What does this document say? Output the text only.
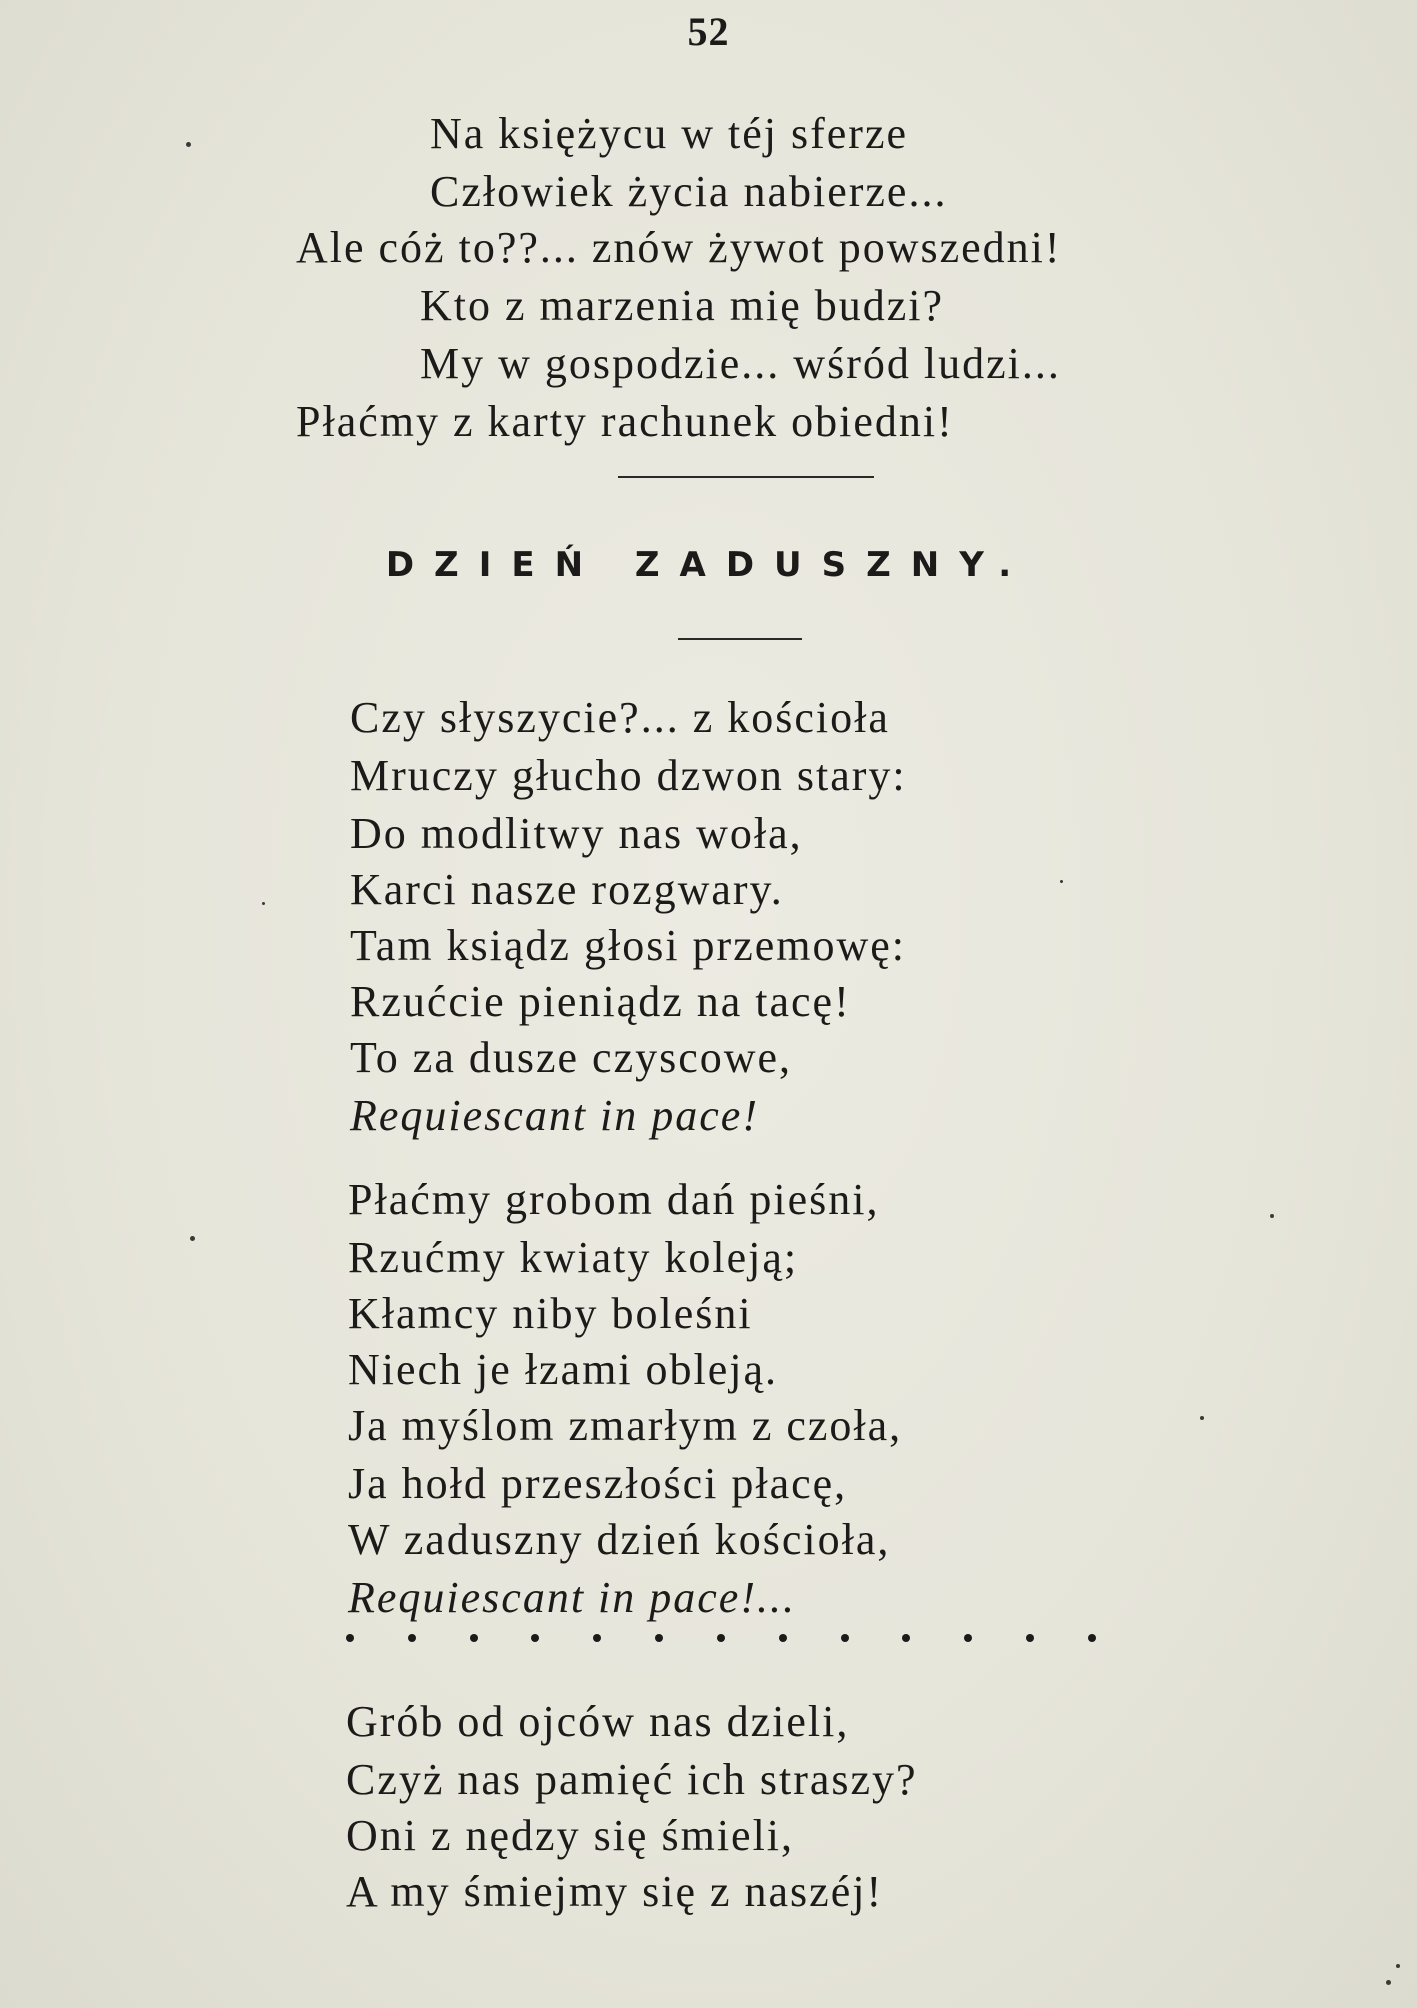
52
Na księżycu w téj sferze
Człowiek życia nabierze...
Ale cóż to??... znów żywot powszedni!
Kto z marzenia mię budzi?
My w gospodzie... wśród ludzi...
Płaćmy z karty rachunek obiedni!
DZIEŃ ZADUSZNY.
Czy słyszycie?... z kościoła
Mruczy głucho dzwon stary:
Do modlitwy nas woła,
Karci nasze rozgwary.
Tam ksiądz głosi przemowę:
Rzućcie pieniądz na tacę!
To za dusze czyscowe,
Requiescant in pace!
Płaćmy grobom dań pieśni,
Rzućmy kwiaty koleją;
Kłamcy niby boleśni
Niech je łzami obleją.
Ja myślom zmarłym z czoła,
Ja hołd przeszłości płacę,
W zaduszny dzień kościoła,
Requiescant in pace!...
Grób od ojców nas dzieli,
Czyż nas pamięć ich straszy?
Oni z nędzy się śmieli,
A my śmiejmy się z naszéj!
